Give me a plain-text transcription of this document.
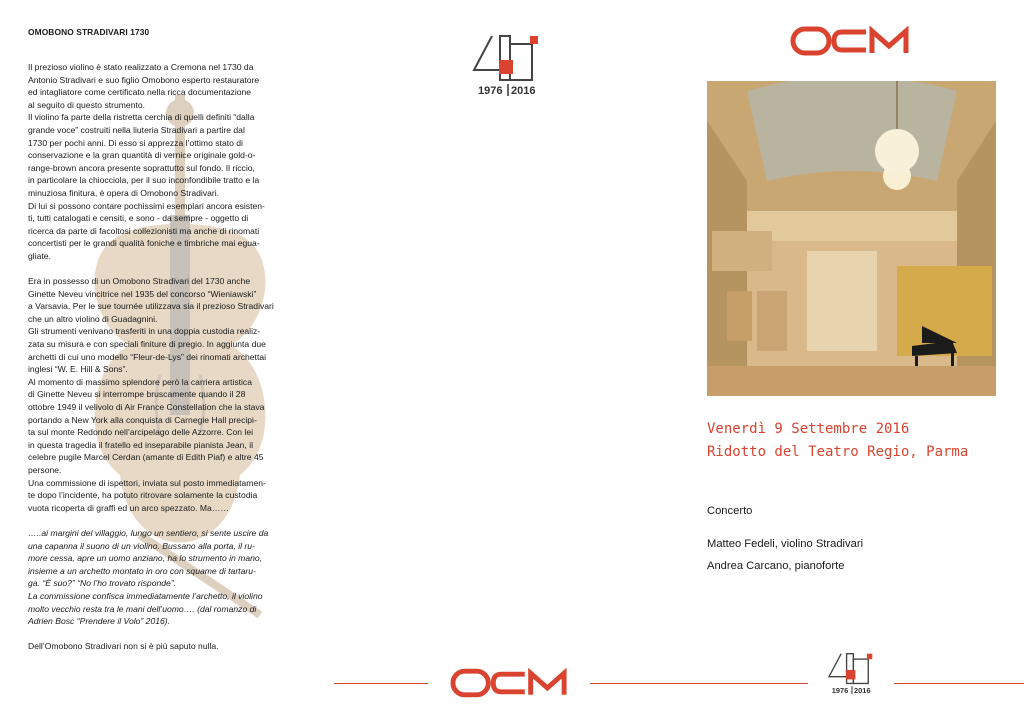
OMOBONO STRADIVARI 1730

Il prezioso violino è stato realizzato a Cremona nel 1730 da
Antonio Stradivari e suo figlio Omobono esperto restauratore
ed intagliatore come certificato nella ricca documentazione
al seguito di questo strumento.
Il violino fa parte della ristretta cerchia di quelli definiti “dalla
grande voce” costruiti nella liuteria Stradivari a partire dal
1730 per pochi anni. Di esso si apprezza l’ottimo stato di
conservazione e la gran quantità di vernice originale gold-o-
range-brown ancora presente soprattutto sul fondo. Il riccio,
in particolare la chiocciola, per il suo inconfondibile tratto e la
minuziosa finitura, è opera di Omobono Stradivari.
Di lui si possono contare pochissimi esemplari ancora esisten-
ti, tutti catalogati e censiti, e sono - da sempre - oggetto di
ricerca da parte di facoltosi collezionisti ma anche di rinomati
concertisti per le grandi qualità foniche e timbriche mai egua-
gliate.

Era in possesso di un Omobono Stradivari del 1730 anche
Ginette Neveu vincitrice nel 1935 del concorso “Wieniawski”
a Varsavia. Per le sue tournée utilizzava sia il prezioso Stradivari
che un altro violino di Guadagnini.
Gli strumenti venivano trasferiti in una doppia custodia realiz-
zata su misura e con speciali finiture di pregio. In aggiunta due
archetti di cui uno modello “Fleur-de-Lys” dei rinomati archettai
inglesi “W. E. Hill & Sons”.
Al momento di massimo splendore però la carriera artistica
di Ginette Neveu si interrompe bruscamente quando il 28
ottobre 1949 il velivolo di Air France Constellation che la stava
portando a New York alla conquista di Carnegie Hall precipi-
ta sul monte Redondo nell’arcipelago delle Azzorre. Con lei
in questa tragedia il fratello ed inseparabile pianista Jean, il
celebre pugile Marcel Cerdan (amante di Edith Piaf) e altre 45
persone.
Una commissione di ispettori, inviata sul posto immediatamen-
te dopo l’incidente, ha potuto ritrovare solamente la custodia
vuota ricoperta di graffi ed un arco spezzato. Ma……

…..ai margini del villaggio, lungo un sentiero, si sente uscire da
una capanna il suono di un violino. Bussano alla porta, il ru-
more cessa, apre un uomo anziano, ha lo strumento in mano,
insieme a un archetto montato in oro con squame di tartaru-
ga. “È suo?” “No l’ho trovato risponde”.
La commissione confisca immediatamente l’archetto, il violino
molto vecchio resta tra le mani dell’uomo…. (dal romanzo di
Adrien Bosc “Prendere il Volo” 2016).

Dell’Omobono Stradivari non si è più saputo nulla.

1976 2016
Venerdì 9 Settembre 2016
Ridotto del Teatro Regio, Parma
Concerto
Matteo Fedeli, violino Stradivari
Andrea Carcano, pianoforte
1976 2016
